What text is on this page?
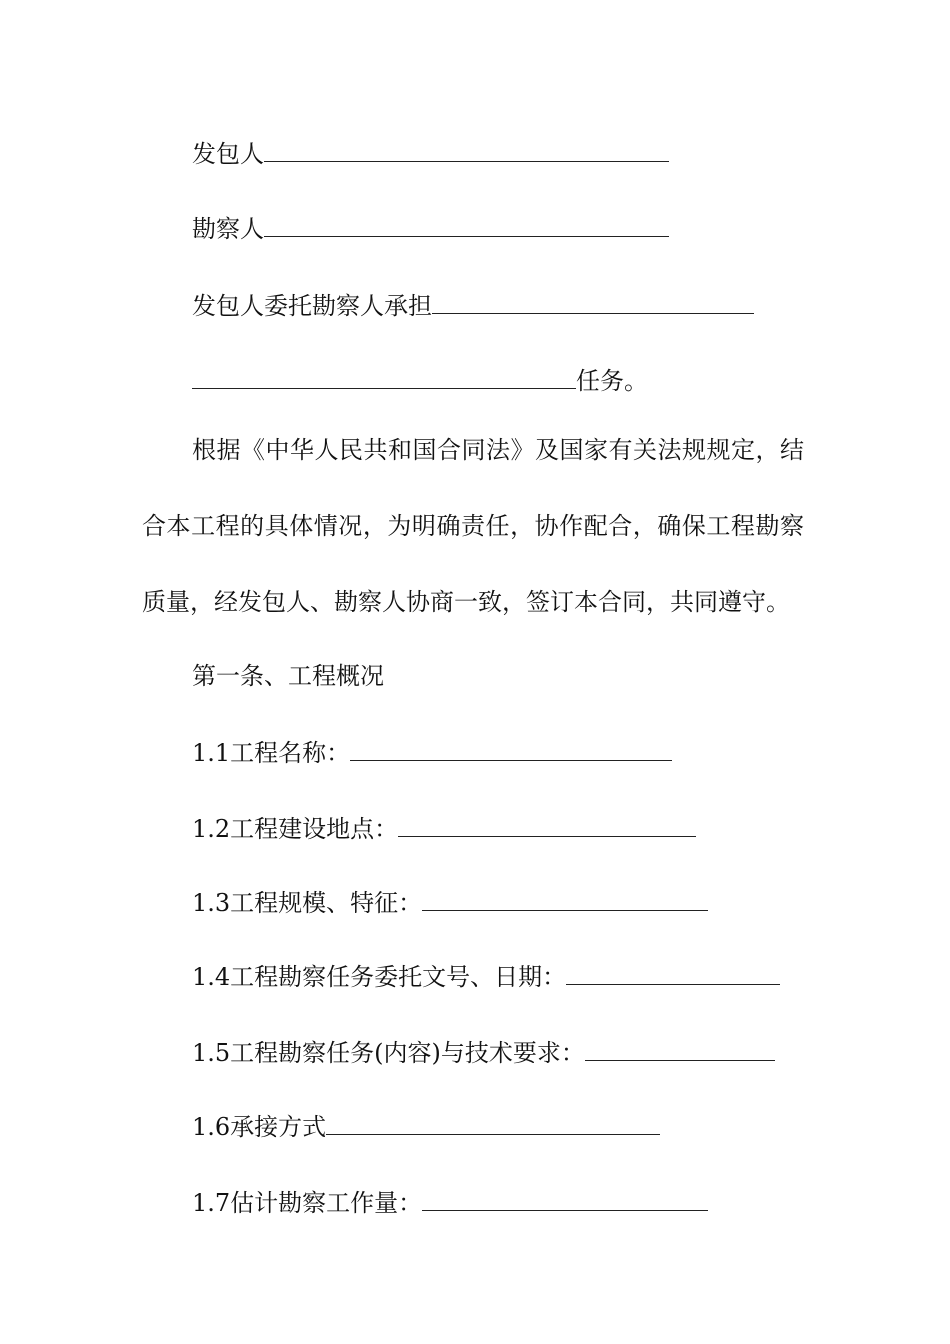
发包人
勘察人
发包人委托勘察人承担
任务。
根据《中华人民共和国合同法》及国家有关法规规定，结合本工程的具体情况，为明确责任，协作配合，确保工程勘察质量，经发包人、勘察人协商一致，签订本合同，共同遵守。
第一条、工程概况
1.1工程名称：
1.2工程建设地点：
1.3工程规模、特征：
1.4工程勘察任务委托文号、日期：
1.5工程勘察任务(内容)与技术要求：
1.6承接方式
1.7估计勘察工作量：
